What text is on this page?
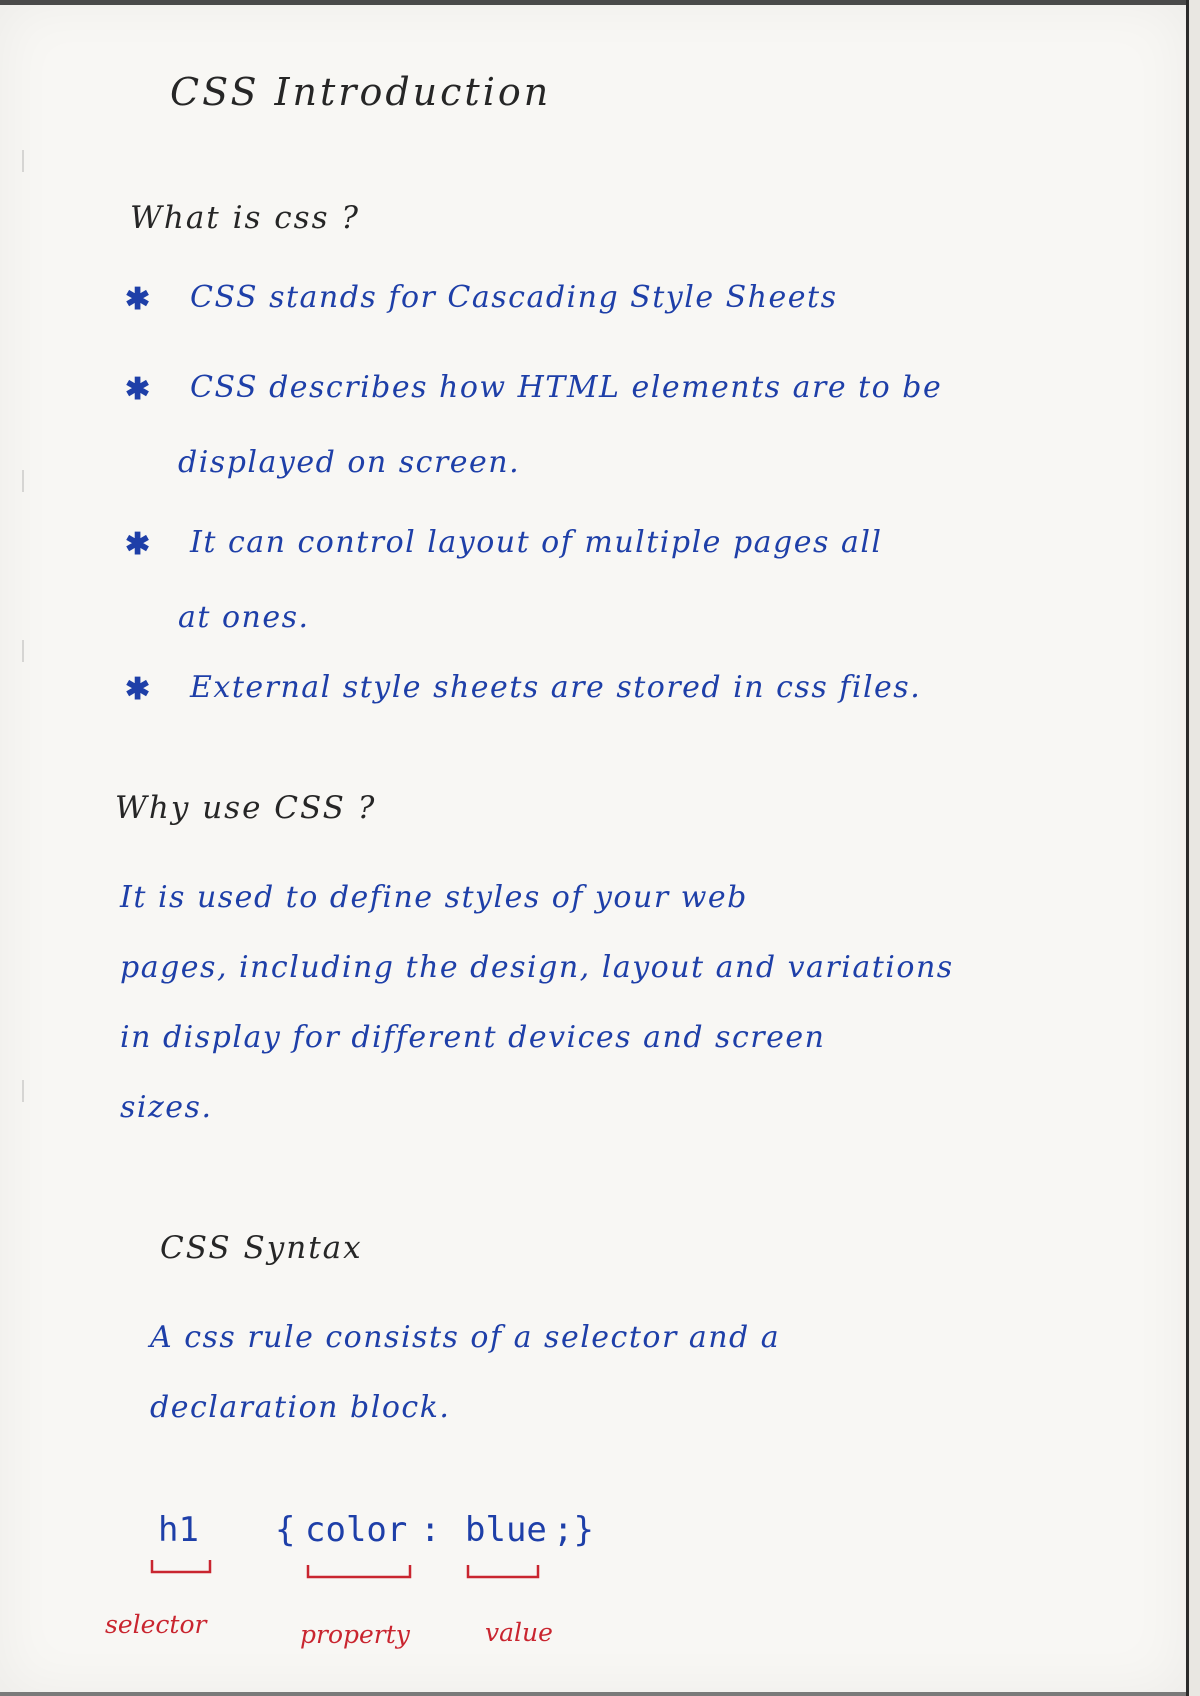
CSS Introduction

What is css ?

✱ CSS stands for Cascading Style Sheets

✱ CSS describes how HTML elements are to be

displayed on screen.

✱ It can control layout of multiple pages all

at ones.

✱ External style sheets are stored in css files.

Why use CSS ?

It is used to define styles of your web

pages, including the design, layout and variations

in display for different devices and screen

sizes.

CSS Syntax

A css rule consists of a selector and a

declaration block.

h1 { color : blue ;}
selector	property	value
